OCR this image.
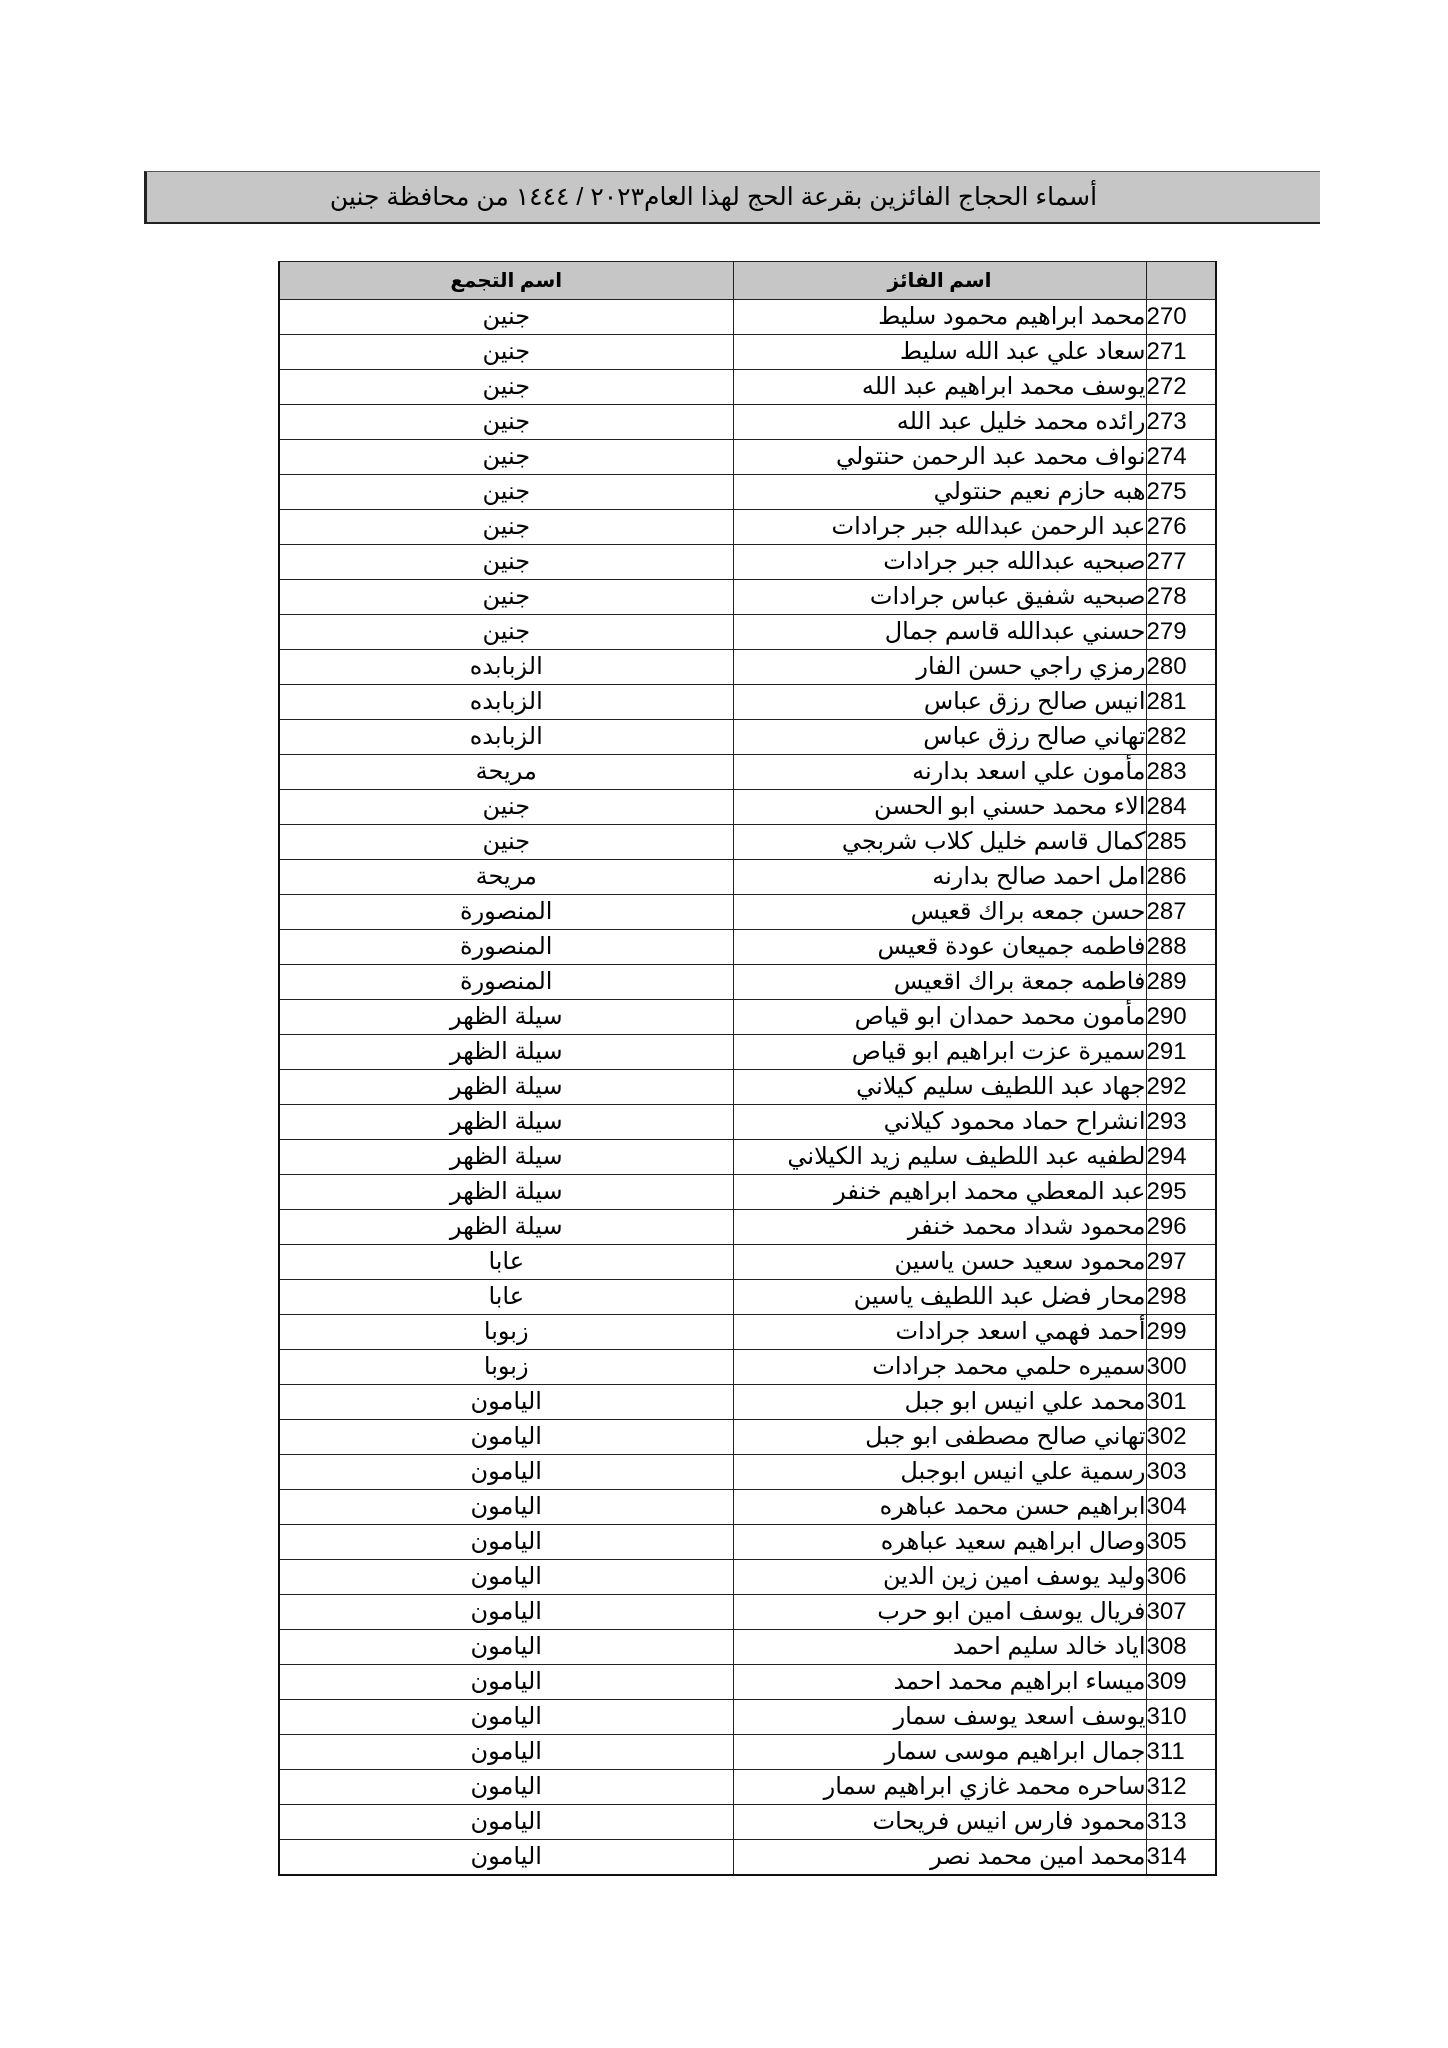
أسماء الحجاج الفائزين بقرعة الحج لهذا العام٢٠٢٣ / ١٤٤٤ من محافظة جنين
	اسم الفائز	اسم التجمع
270	محمد ابراهيم محمود سليط	جنين
271	سعاد علي عبد الله سليط	جنين
272	يوسف محمد ابراهيم عبد الله	جنين
273	رائده محمد خليل عبد الله	جنين
274	نواف محمد عبد الرحمن حنتولي	جنين
275	هبه حازم نعيم حنتولي	جنين
276	عبد الرحمن عبدالله جبر جرادات	جنين
277	صبحيه عبدالله جبر جرادات	جنين
278	صبحيه شفيق عباس جرادات	جنين
279	حسني عبدالله قاسم جمال	جنين
280	رمزي راجي حسن الفار	الزبابده
281	انيس صالح رزق عباس	الزبابده
282	تهاني صالح رزق عباس	الزبابده
283	مأمون علي اسعد بدارنه	مريحة
284	الاء محمد حسني ابو الحسن	جنين
285	كمال قاسم خليل كلاب شربجي	جنين
286	امل احمد صالح بدارنه	مريحة
287	حسن جمعه براك قعيس	المنصورة
288	فاطمه جميعان عودة قعيس	المنصورة
289	فاطمه جمعة براك اقعيس	المنصورة
290	مأمون محمد حمدان ابو قياص	سيلة الظهر
291	سميرة عزت ابراهيم ابو قياص	سيلة الظهر
292	جهاد عبد اللطيف سليم كيلاني	سيلة الظهر
293	انشراح حماد محمود كيلاني	سيلة الظهر
294	لطفيه عبد اللطيف سليم زيد الكيلاني	سيلة الظهر
295	عبد المعطي محمد ابراهيم خنفر	سيلة الظهر
296	محمود شداد محمد خنفر	سيلة الظهر
297	محمود سعيد حسن ياسين	عابا
298	محار فضل عبد اللطيف ياسين	عابا
299	أحمد فهمي اسعد جرادات	زبوبا
300	سميره حلمي محمد جرادات	زبوبا
301	محمد علي انيس ابو جبل	اليامون
302	تهاني صالح مصطفى ابو جبل	اليامون
303	رسمية علي انيس ابوجبل	اليامون
304	ابراهيم حسن محمد عباهره	اليامون
305	وصال ابراهيم سعيد عباهره	اليامون
306	وليد يوسف امين زين الدين	اليامون
307	فريال يوسف امين ابو حرب	اليامون
308	اياد خالد سليم احمد	اليامون
309	ميساء ابراهيم محمد احمد	اليامون
310	يوسف اسعد يوسف سمار	اليامون
311	جمال ابراهيم موسى سمار	اليامون
312	ساحره محمد غازي ابراهيم سمار	اليامون
313	محمود فارس انيس فريحات	اليامون
314	محمد امين محمد نصر	اليامون
